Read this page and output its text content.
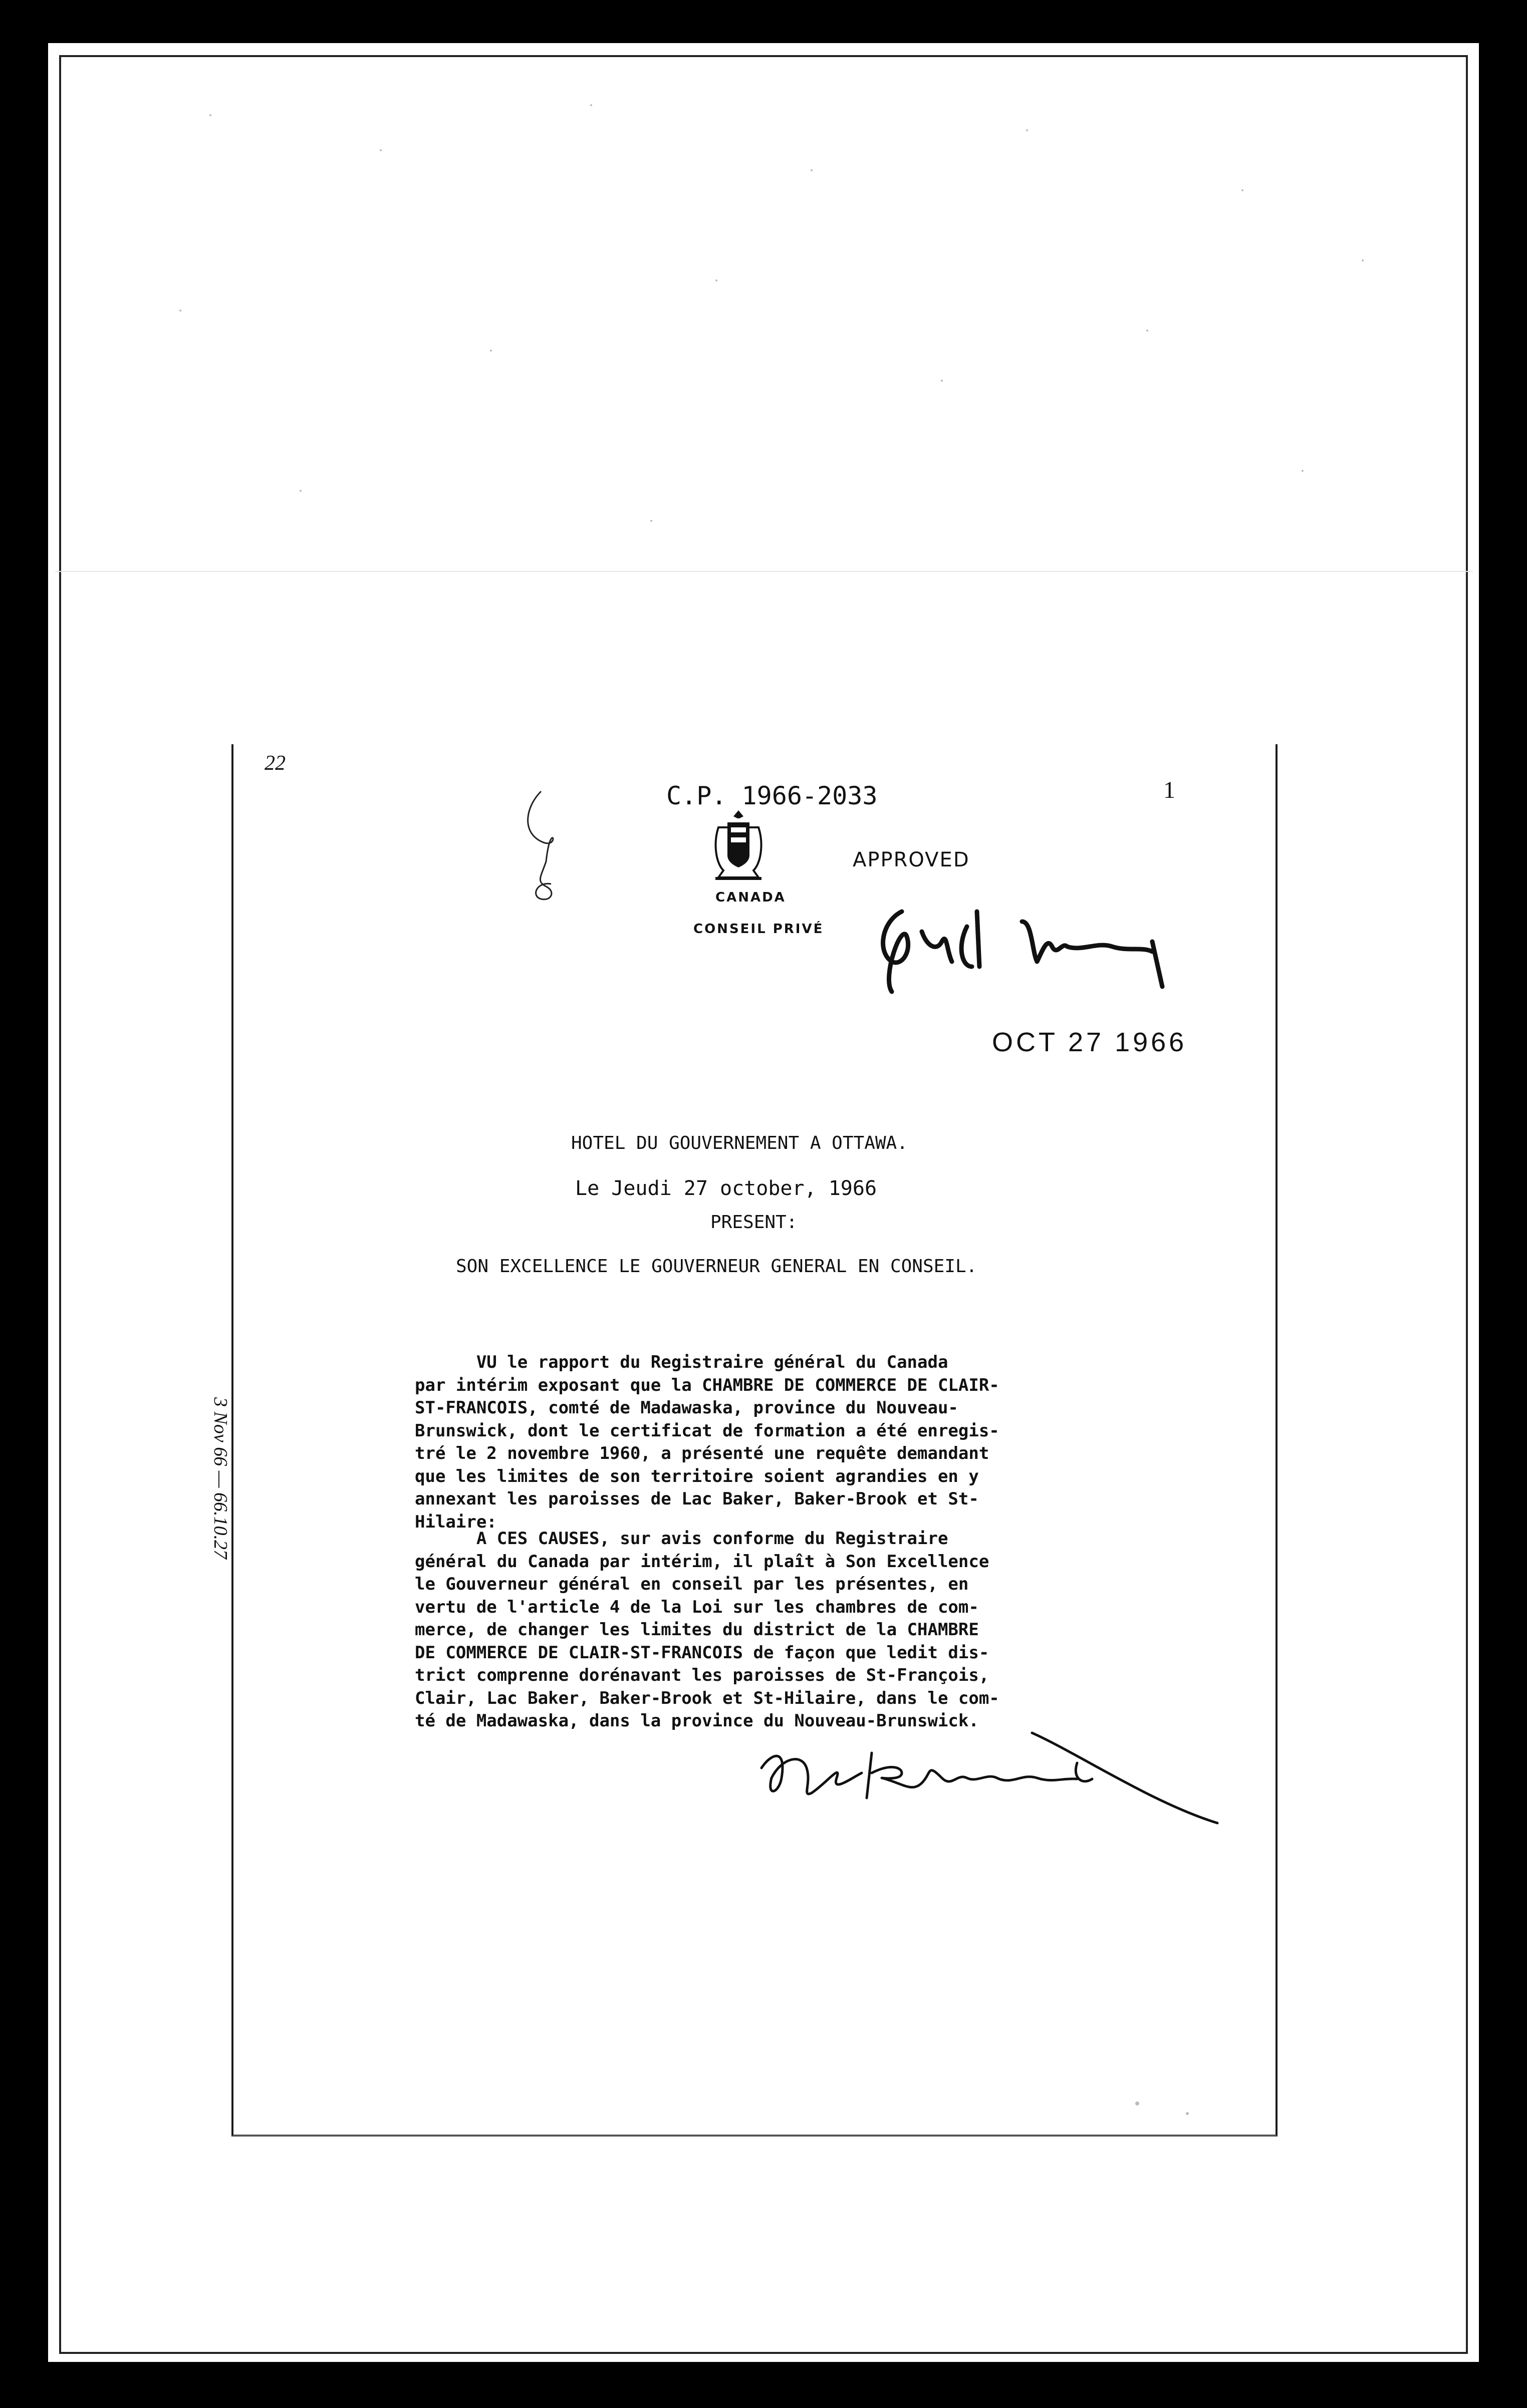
22
1
C.P. 1966-2033
CANADA
CONSEIL PRIVÉ
APPROVED
OCT 27 1966
HOTEL DU GOUVERNEMENT A OTTAWA.
Le Jeudi 27 october, 1966
PRESENT:
SON EXCELLENCE LE GOUVERNEUR GENERAL EN CONSEIL.
3 Nov 66 — 66.10.27
VU le rapport du Registraire général du Canada
par intérim exposant que la CHAMBRE DE COMMERCE DE CLAIR-
ST-FRANCOIS, comté de Madawaska, province du Nouveau-
Brunswick, dont le certificat de formation a été enregis-
tré le 2 novembre 1960, a présenté une requête demandant
que les limites de son territoire soient agrandies en y
annexant les paroisses de Lac Baker, Baker-Brook et St-
Hilaire:
A CES CAUSES, sur avis conforme du Registraire
général du Canada par intérim, il plaît à Son Excellence
le Gouverneur général en conseil par les présentes, en
vertu de l'article 4 de la Loi sur les chambres de com-
merce, de changer les limites du district de la CHAMBRE
DE COMMERCE DE CLAIR-ST-FRANCOIS de façon que ledit dis-
trict comprenne dorénavant les paroisses de St-François,
Clair, Lac Baker, Baker-Brook et St-Hilaire, dans le com-
té de Madawaska, dans la province du Nouveau-Brunswick.
